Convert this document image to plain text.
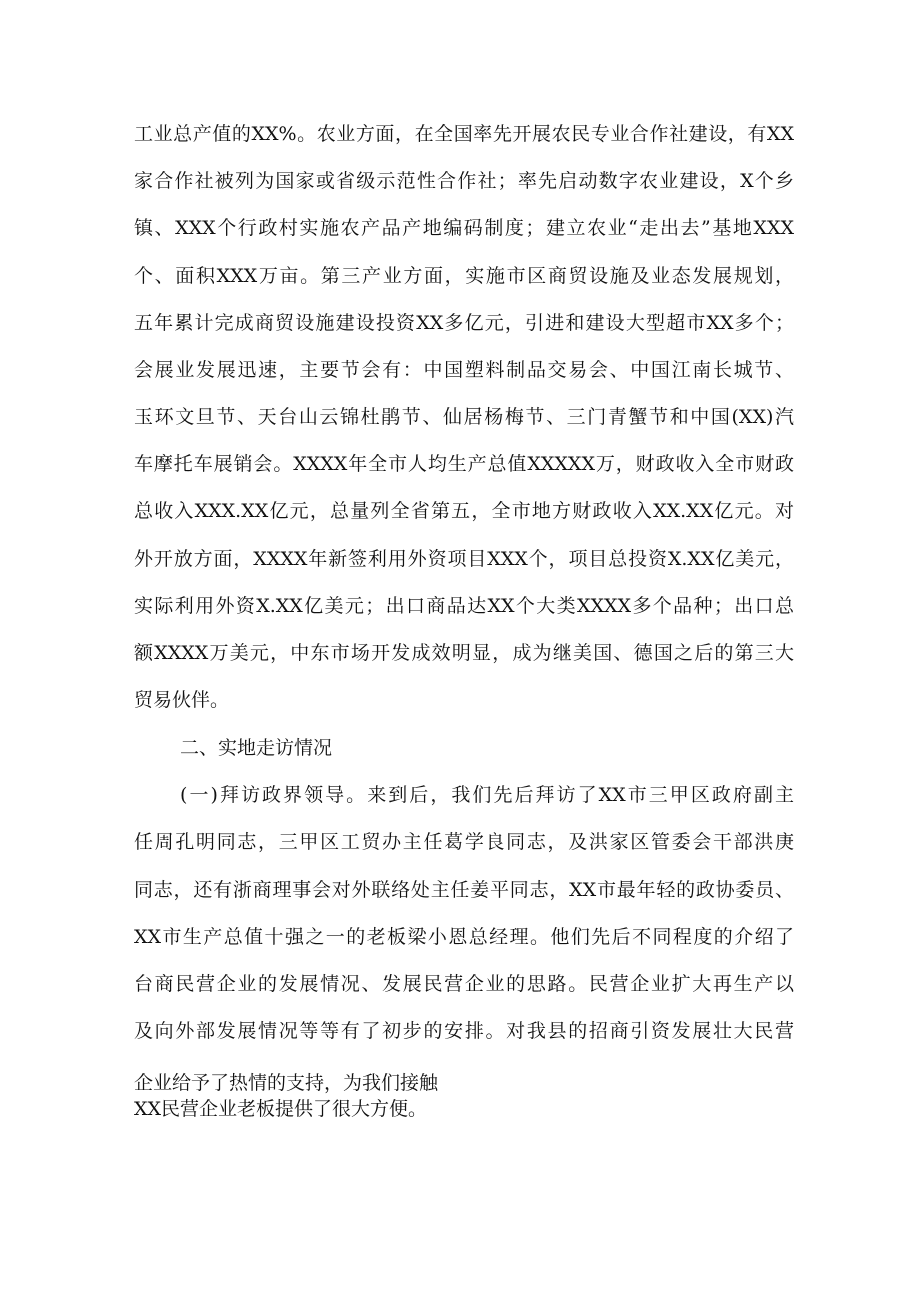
工业总产值的XX%。农业方面，在全国率先开展农民专业合作社建设，有XX
家合作社被列为国家或省级示范性合作社；率先启动数字农业建设，X个乡
镇、XXX个行政村实施农产品产地编码制度；建立农业“走出去”基地XXX
个、面积XXX万亩。第三产业方面，实施市区商贸设施及业态发展规划，
五年累计完成商贸设施建设投资XX多亿元，引进和建设大型超市XX多个；
会展业发展迅速，主要节会有：中国塑料制品交易会、中国江南长城节、
玉环文旦节、天台山云锦杜鹃节、仙居杨梅节、三门青蟹节和中国(XX)汽
车摩托车展销会。XXXX年全市人均生产总值XXXXX万，财政收入全市财政
总收入XXX.XX亿元，总量列全省第五，全市地方财政收入XX.XX亿元。对
外开放方面，XXXX年新签利用外资项目XXX个，项目总投资X.XX亿美元，
实际利用外资X.XX亿美元；出口商品达XX个大类XXXX多个品种；出口总
额XXXX万美元，中东市场开发成效明显，成为继美国、德国之后的第三大
贸易伙伴。
二、实地走访情况
(一)拜访政界领导。来到后，我们先后拜访了XX市三甲区政府副主
任周孔明同志，三甲区工贸办主任葛学良同志，及洪家区管委会干部洪庚
同志，还有浙商理事会对外联络处主任姜平同志，XX市最年轻的政协委员、
XX市生产总值十强之一的老板梁小恩总经理。他们先后不同程度的介绍了
台商民营企业的发展情况、发展民营企业的思路。民营企业扩大再生产以
及向外部发展情况等等有了初步的安排。对我县的招商引资发展壮大民营
企业给予了热情的支持，为我们接触
XX民营企业老板提供了很大方便。
